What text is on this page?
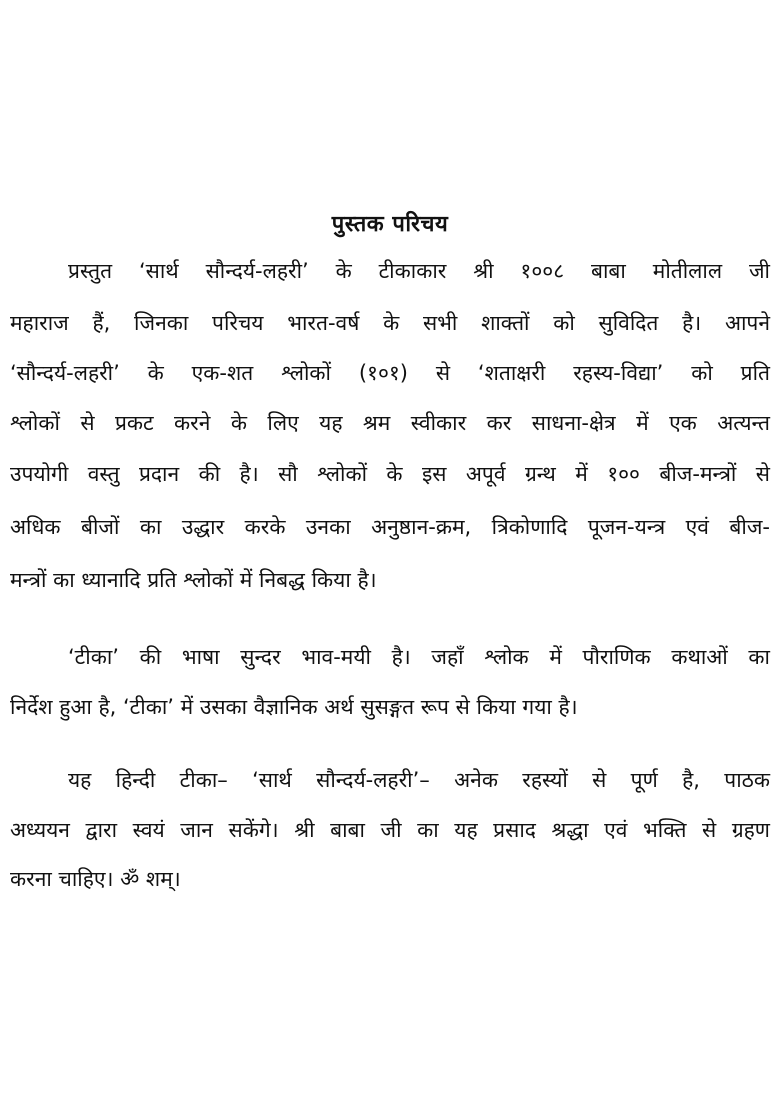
पुस्तक परिचय
प्रस्तुत ‘सार्थ सौन्दर्य-लहरी’ के टीकाकार श्री १००८ बाबा मोतीलाल जी
महाराज हैं, जिनका परिचय भारत-वर्ष के सभी शाक्तों को सुविदित है। आपने
‘सौन्दर्य-लहरी’ के एक-शत श्लोकों (१०१) से ‘शताक्षरी रहस्य-विद्या’ को प्रति
श्लोकों से प्रकट करने के लिए यह श्रम स्वीकार कर साधना-क्षेत्र में एक अत्यन्त
उपयोगी वस्तु प्रदान की है। सौ श्लोकों के इस अपूर्व ग्रन्थ में १०० बीज-मन्त्रों से
अधिक बीजों का उद्धार करके उनका अनुष्ठान-क्रम, त्रिकोणादि पूजन-यन्त्र एवं बीज-
मन्त्रों का ध्यानादि प्रति श्लोकों में निबद्ध किया है।
‘टीका’ की भाषा सुन्दर भाव-मयी है। जहाँ श्लोक में पौराणिक कथाओं का
निर्देश हुआ है, ‘टीका’ में उसका वैज्ञानिक अर्थ सुसङ्गत रूप से किया गया है।
यह हिन्दी टीका– ‘सार्थ सौन्दर्य-लहरी’– अनेक रहस्यों से पूर्ण है, पाठक
अध्ययन द्वारा स्वयं जान सकेंगे। श्री बाबा जी का यह प्रसाद श्रद्धा एवं भक्ति से ग्रहण
करना चाहिए। ॐ शम्।
